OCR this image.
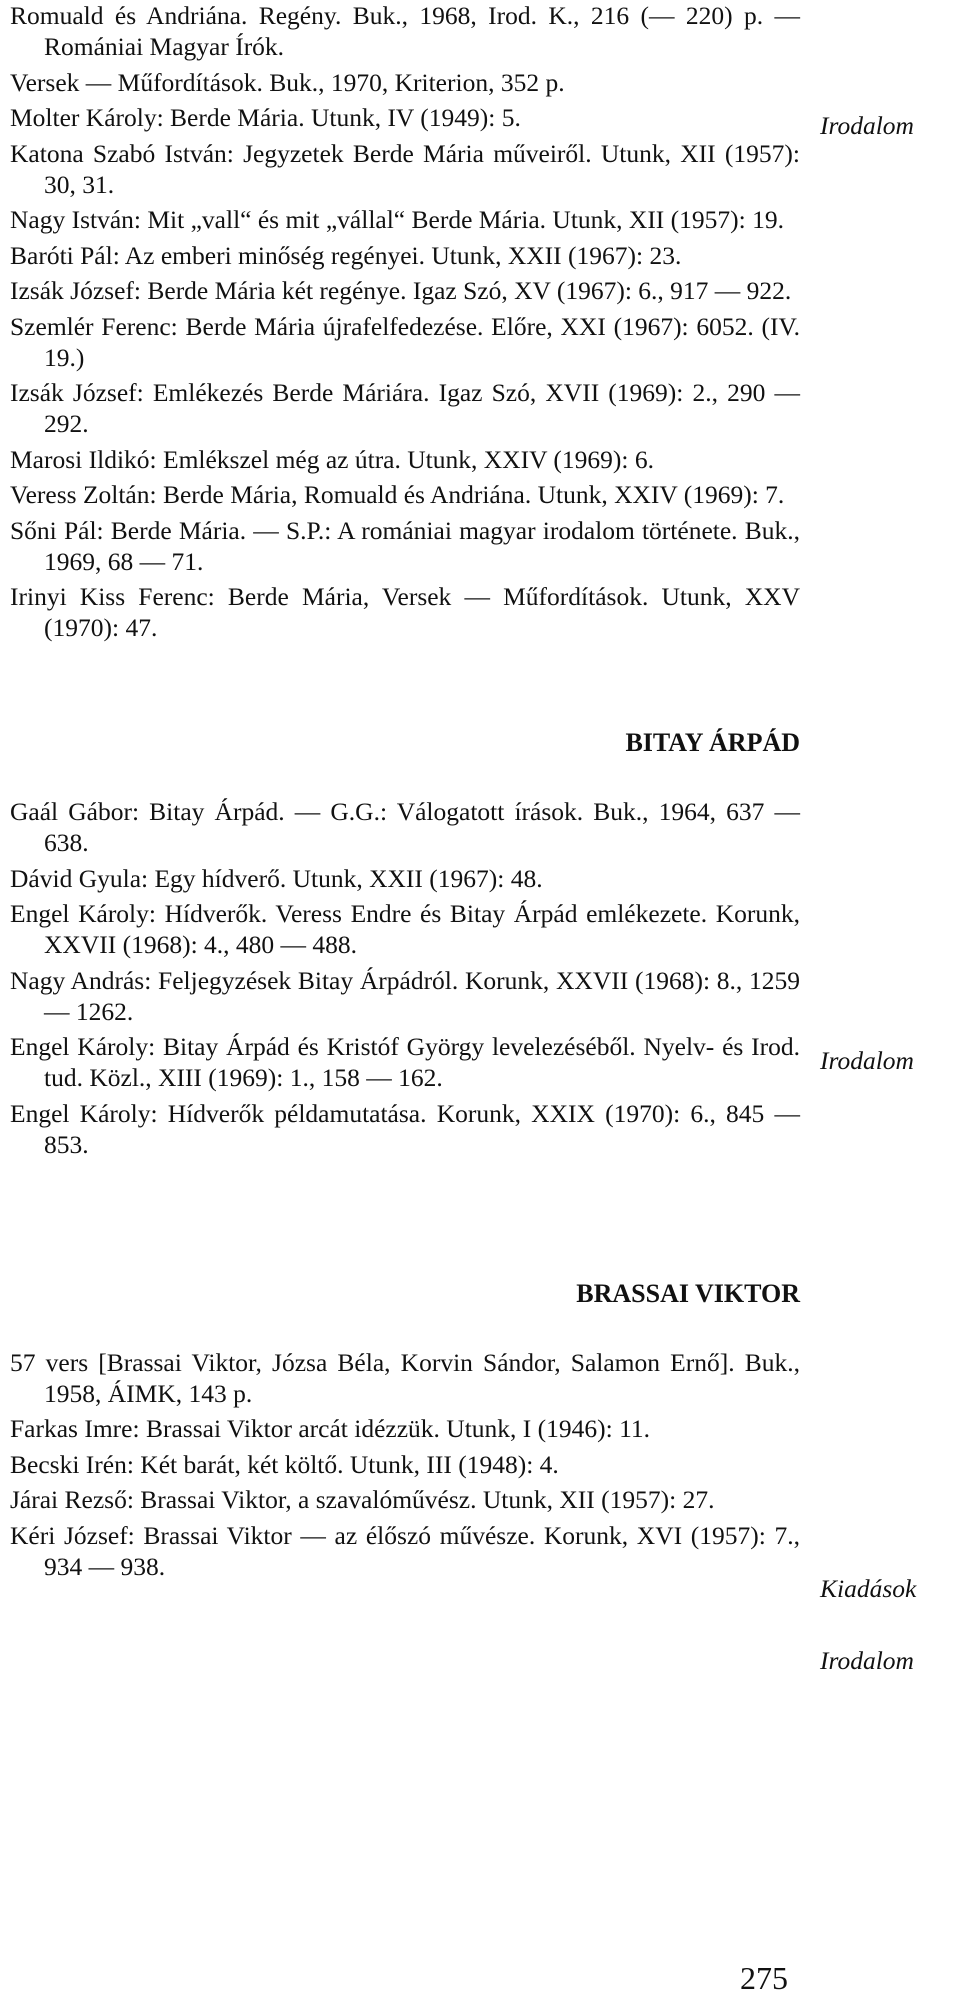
Romuald és Andriána. Regény. Buk., 1968, Irod. K., 216 (— 220) p. — Romániai Magyar Írók.

Versek — Műfordítások. Buk., 1970, Kriterion, 352 p.

Molter Károly: Berde Mária. Utunk, IV (1949): 5.

Katona Szabó István: Jegyzetek Berde Mária műveiről. Utunk, XII (1957): 30, 31.

Nagy István: Mit „vall“ és mit „vállal“ Berde Mária. Utunk, XII (1957): 19.

Baróti Pál: Az emberi minőség regényei. Utunk, XXII (1967): 23.

Izsák József: Berde Mária két regénye. Igaz Szó, XV (1967): 6., 917 — 922.

Szemlér Ferenc: Berde Mária újrafelfedezése. Előre, XXI (1967): 6052. (IV. 19.)

Izsák József: Emlékezés Berde Máriára. Igaz Szó, XVII (1969): 2., 290 — 292.

Marosi Ildikó: Emlékszel még az útra. Utunk, XXIV (1969): 6.

Veress Zoltán: Berde Mária, Romuald és Andriána. Utunk, XXIV (1969): 7.

Sőni Pál: Berde Mária. — S.P.: A romániai magyar irodalom története. Buk., 1969, 68 — 71.

Irinyi Kiss Ferenc: Berde Mária, Versek — Műfordítások. Utunk, XXV (1970): 47.

BITAY ÁRPÁD

Gaál Gábor: Bitay Árpád. — G.G.: Válogatott írások. Buk., 1964, 637 — 638.

Dávid Gyula: Egy hídverő. Utunk, XXII (1967): 48.

Engel Károly: Hídverők. Veress Endre és Bitay Árpád emlékezete. Korunk, XXVII (1968): 4., 480 — 488.

Nagy András: Feljegyzések Bitay Árpádról. Korunk, XXVII (1968): 8., 1259 — 1262.

Engel Károly: Bitay Árpád és Kristóf György levelezéséből. Nyelv- és Irod. tud. Közl., XIII (1969): 1., 158 — 162.

Engel Károly: Hídverők példamutatása. Korunk, XXIX (1970): 6., 845 — 853.

BRASSAI VIKTOR

57 vers [Brassai Viktor, Józsa Béla, Korvin Sándor, Salamon Ernő]. Buk., 1958, ÁIMK, 143 p.

Farkas Imre: Brassai Viktor arcát idézzük. Utunk, I (1946): 11.

Becski Irén: Két barát, két költő. Utunk, III (1948): 4.

Járai Rezső: Brassai Viktor, a szavalóművész. Utunk, XII (1957): 27.

Kéri József: Brassai Viktor — az élőszó művésze. Korunk, XVI (1957): 7., 934 — 938.

Irodalom
Irodalom
Kiadások
Irodalom
275
